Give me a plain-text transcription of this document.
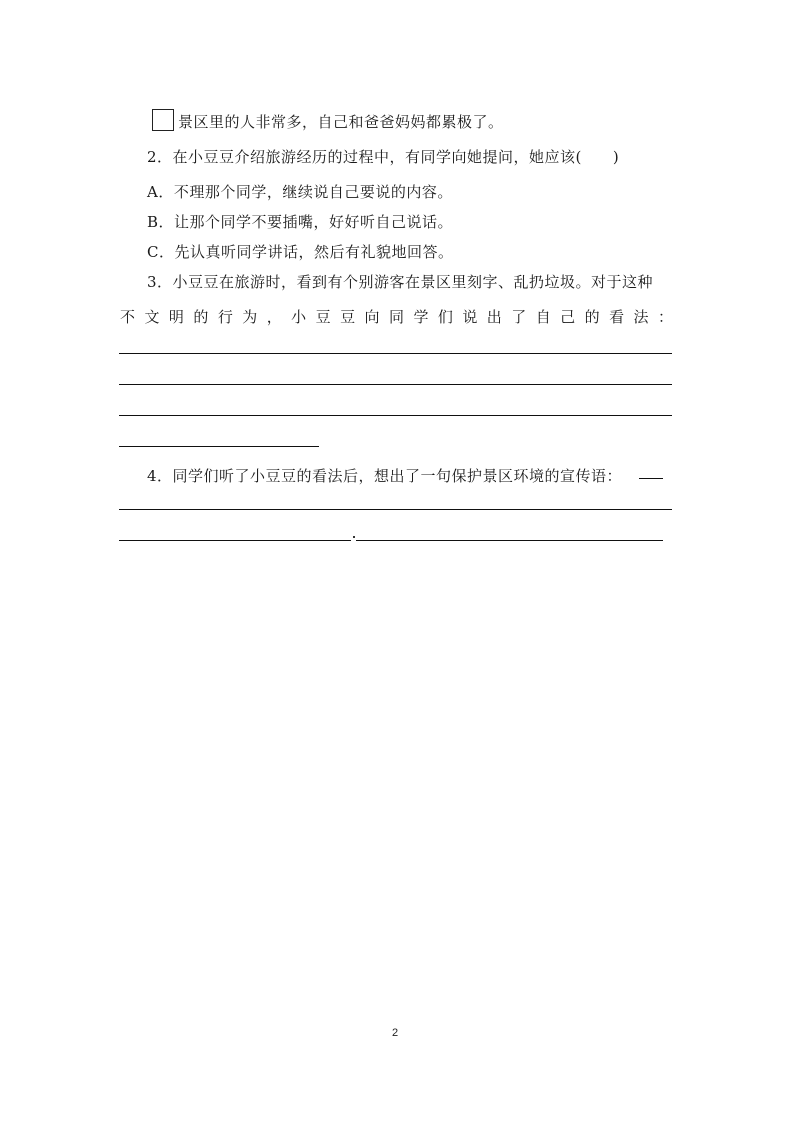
景区里的人非常多，自己和爸爸妈妈都累极了。
2．在小豆豆介绍旅游经历的过程中，有同学向她提问，她应该(　　)
A．不理那个同学，继续说自己要说的内容。
B．让那个同学不要插嘴，好好听自己说话。
C．先认真听同学讲话，然后有礼貌地回答。
3．小豆豆在旅游时，看到有个别游客在景区里刻字、乱扔垃圾。对于这种
不 文 明 的 行 为 ， 小 豆 豆 向 同 学 们 说 出 了 自 己 的 看 法 ：
4．同学们听了小豆豆的看法后，想出了一句保护景区环境的宣传语：
2
